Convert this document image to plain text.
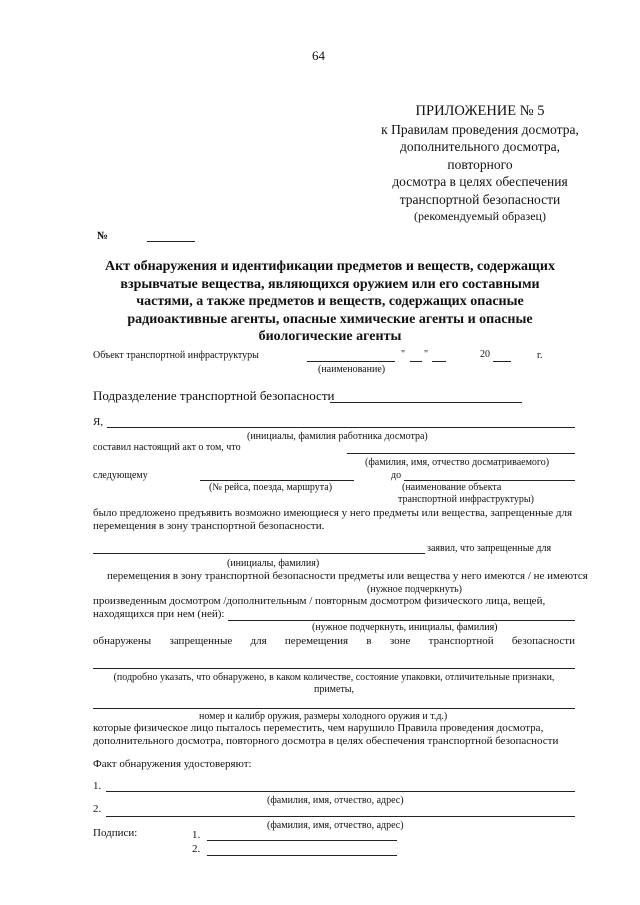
64
ПРИЛОЖЕНИЕ № 5
к Правилам проведения досмотра,
дополнительного досмотра,
повторного
досмотра в целях обеспечения
транспортной безопасности
(рекомендуемый образец)
№
Акт обнаружения и идентификации предметов и веществ, содержащих
взрывчатые вещества, являющихся оружием или его составными
частями, а также предметов и веществ, содержащих опасные
радиоактивные агенты, опасные химические агенты и опасные
биологические агенты
Объект транспортной инфраструктуры	" "	20	г.
(наименование)
Подразделение транспортной безопасности
Я,
(инициалы, фамилия работника досмотра)
составил настоящий акт о том, что
(фамилия, имя, отчество досматриваемого)
следующему	до
(№ рейса, поезда, маршрута)	(наименование объекта
транспортной инфраструктуры)
было предложено предъявить возможно имеющиеся у него предметы или вещества, запрещенные для
перемещения в зону транспортной безопасности.
заявил, что запрещенные для
(инициалы, фамилия)
перемещения в зону транспортной безопасности предметы или вещества у него имеются / не имеются
(нужное подчеркнуть)
произведенным досмотром /дополнительным / повторным досмотром физического лица, вещей,
находящихся при нем (ней):
(нужное подчеркнуть, инициалы, фамилия)
обнаружены запрещенные для перемещения в зоне транспортной безопасности
(подробно указать, что обнаружено, в каком количестве, состояние упаковки, отличительные признаки,
приметы,
номер и калибр оружия, размеры холодного оружия и т.д.)
которые физическое лицо пыталось переместить, чем нарушило Правила проведения досмотра,
дополнительного досмотра, повторного досмотра в целях обеспечения транспортной безопасности
Факт обнаружения удостоверяют:
1.
(фамилия, имя, отчество, адрес)
2.
(фамилия, имя, отчество, адрес)
Подписи:	1.
2.
